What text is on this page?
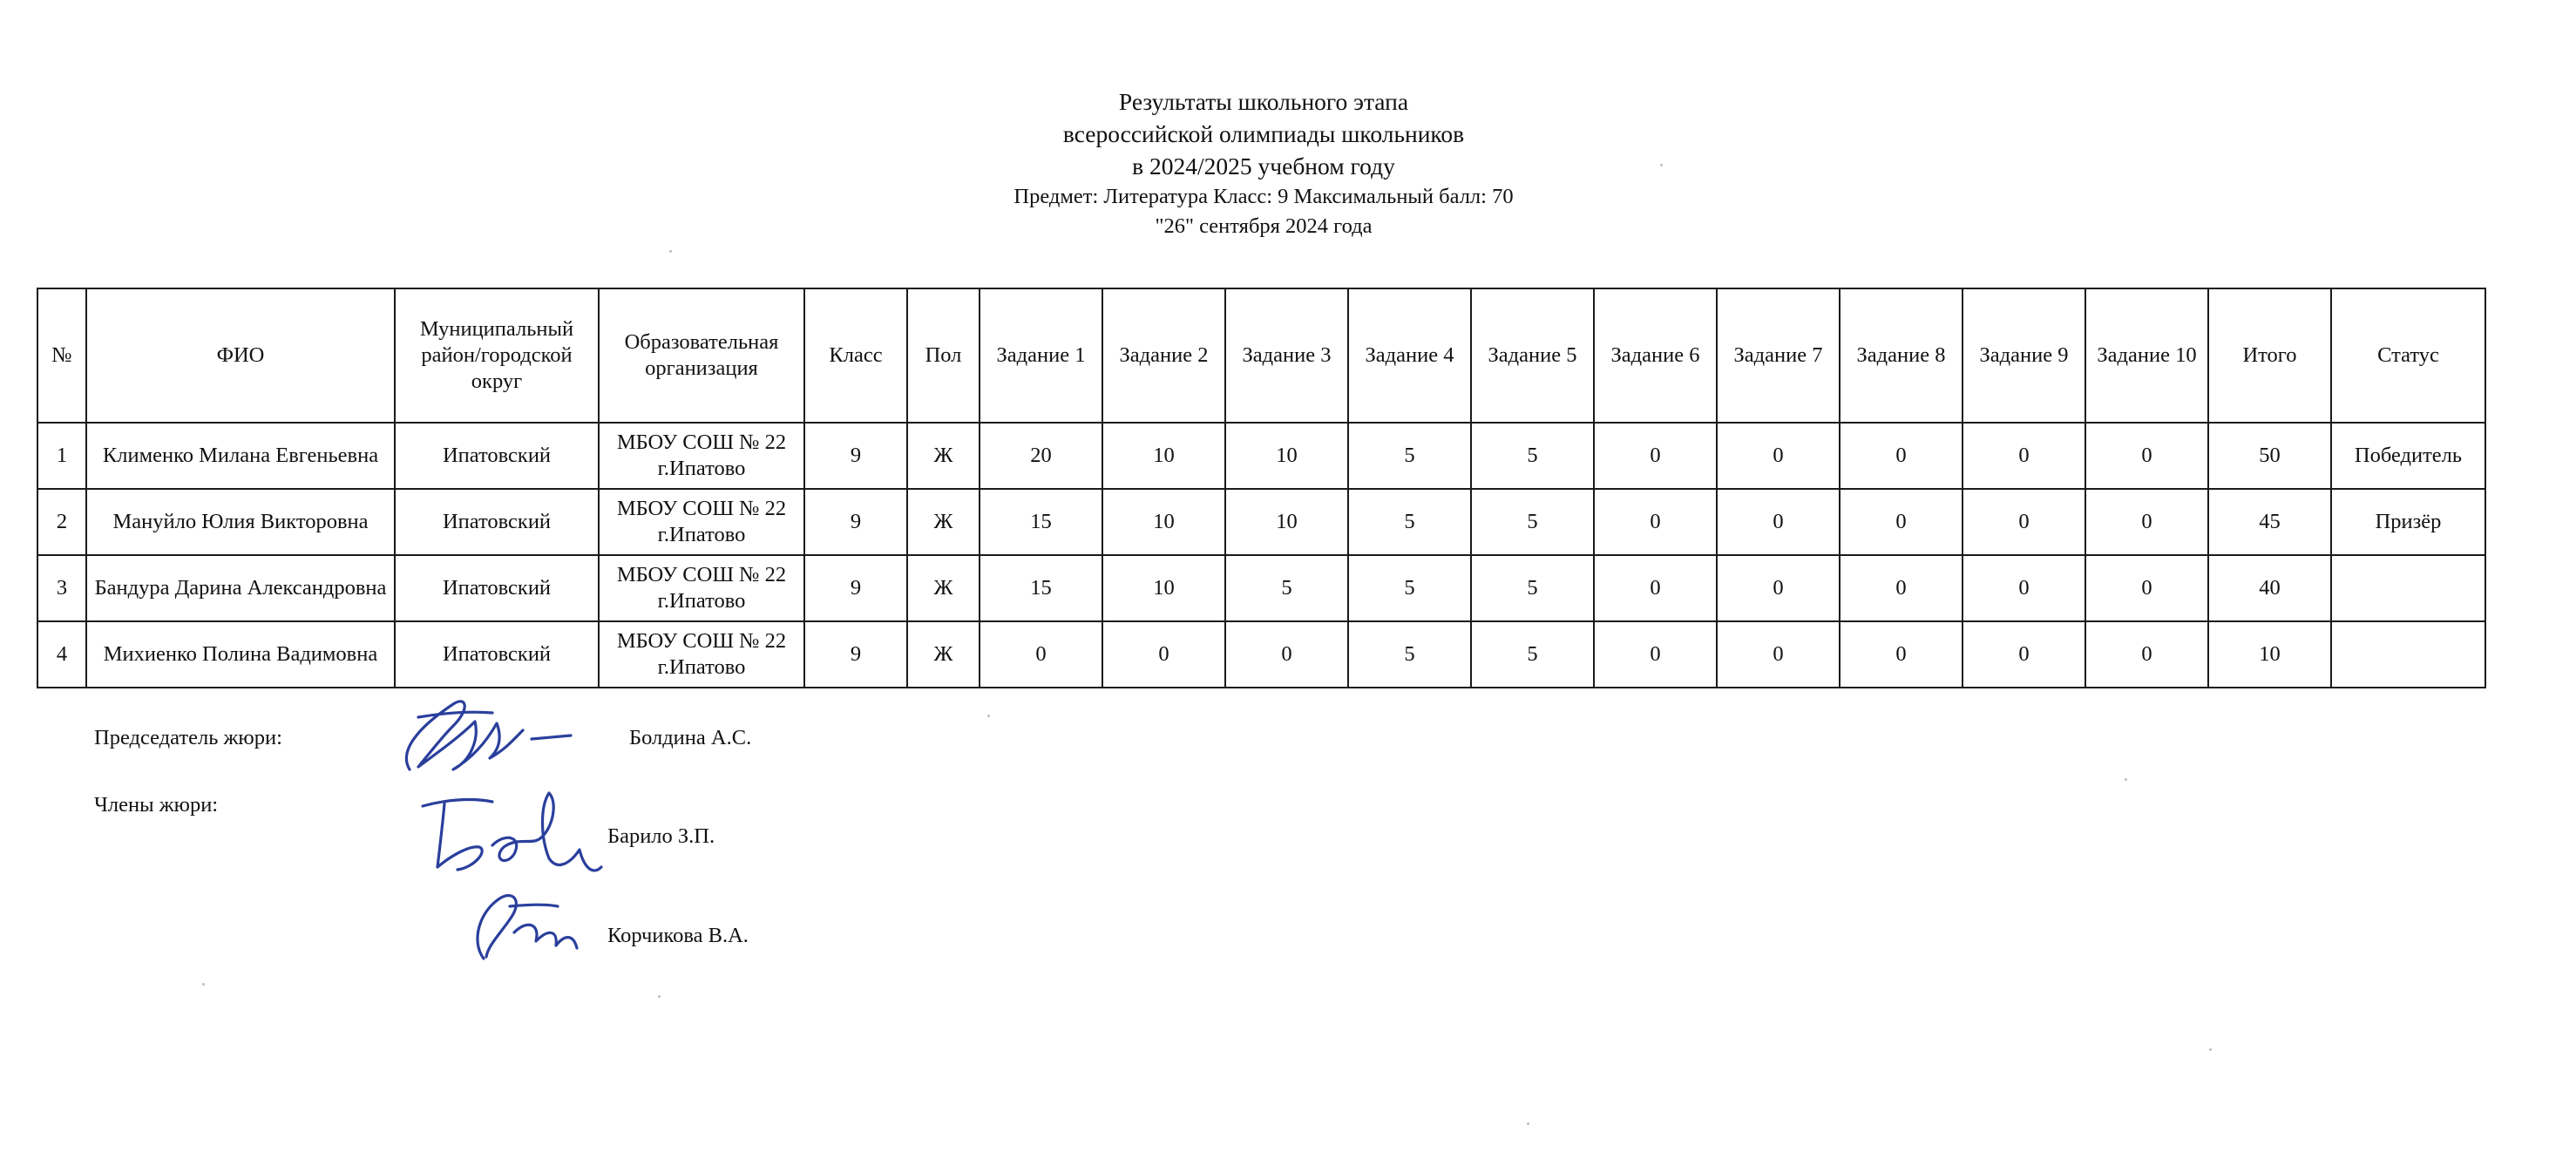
Результаты школьного этапа
всероссийской олимпиады школьников
в 2024/2025 учебном году
Предмет: Литература Класс: 9 Максимальный балл: 70
"26" сентября 2024 года
№	ФИО	Муниципальный район/городской округ	Образовательная организация	Класс	Пол	Задание 1	Задание 2	Задание 3	Задание 4	Задание 5	Задание 6	Задание 7	Задание 8	Задание 9	Задание 10	Итого	Статус
1	Клименко Милана Евгеньевна	Ипатовский	МБОУ СОШ № 22 г.Ипатово	9	Ж	20	10	10	5	5	0	0	0	0	0	50	Победитель
2	Мануйло Юлия Викторовна	Ипатовский	МБОУ СОШ № 22 г.Ипатово	9	Ж	15	10	10	5	5	0	0	0	0	0	45	Призёр
3	Бандура Дарина Александровна	Ипатовский	МБОУ СОШ № 22 г.Ипатово	9	Ж	15	10	5	5	5	0	0	0	0	0	40	
4	Михиенко Полина Вадимовна	Ипатовский	МБОУ СОШ № 22 г.Ипатово	9	Ж	0	0	0	5	5	0	0	0	0	0	10	
Председатель жюри:	Болдина А.С.
Члены жюри:
Барило З.П.
Корчикова В.А.
